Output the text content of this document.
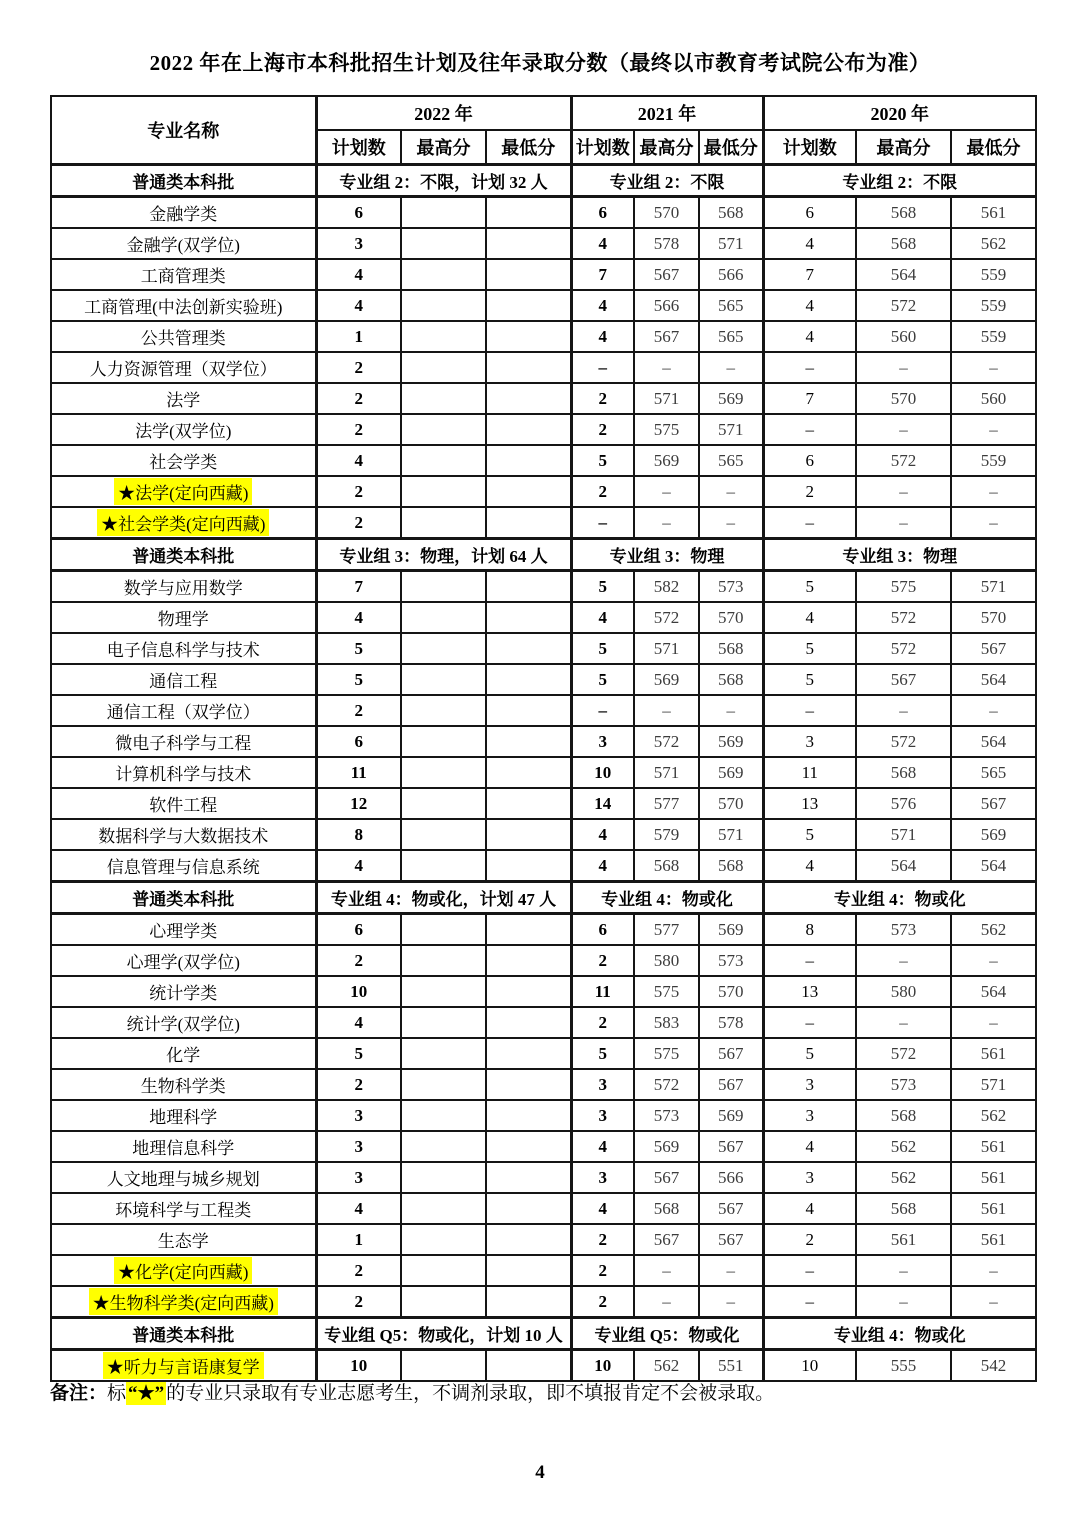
2022 年在上海市本科批招生计划及往年录取分数（最终以市教育考试院公布为准）
专业名称	2022 年			2021 年			2020 年		
	计划数	最高分	最低分	计划数	最高分	最低分	计划数	最高分	最低分
普通类本科批	专业组 2：不限，计划 32 人			专业组 2：不限			专业组 2：不限		
金融学类	6			6	570	568	6	568	561
金融学(双学位)	3			4	578	571	4	568	562
工商管理类	4			7	567	566	7	564	559
工商管理(中法创新实验班)	4			4	566	565	4	572	559
公共管理类	1			4	567	565	4	560	559
人力资源管理（双学位）	2			–	–	–	–	–	–
法学	2			2	571	569	7	570	560
法学(双学位)	2			2	575	571	–	–	–
社会学类	4			5	569	565	6	572	559
★法学(定向西藏)	2			2	–	–	2	–	–
★社会学类(定向西藏)	2			–	–	–	–	–	–
普通类本科批	专业组 3：物理，计划 64 人			专业组 3：物理			专业组 3：物理		
数学与应用数学	7			5	582	573	5	575	571
物理学	4			4	572	570	4	572	570
电子信息科学与技术	5			5	571	568	5	572	567
通信工程	5			5	569	568	5	567	564
通信工程（双学位）	2			–	–	–	–	–	–
微电子科学与工程	6			3	572	569	3	572	564
计算机科学与技术	11			10	571	569	11	568	565
软件工程	12			14	577	570	13	576	567
数据科学与大数据技术	8			4	579	571	5	571	569
信息管理与信息系统	4			4	568	568	4	564	564
普通类本科批	专业组 4：物或化，计划 47 人			专业组 4：物或化			专业组 4：物或化		
心理学类	6			6	577	569	8	573	562
心理学(双学位)	2			2	580	573	–	–	–
统计学类	10			11	575	570	13	580	564
统计学(双学位)	4			2	583	578	–	–	–
化学	5			5	575	567	5	572	561
生物科学类	2			3	572	567	3	573	571
地理科学	3			3	573	569	3	568	562
地理信息科学	3			4	569	567	4	562	561
人文地理与城乡规划	3			3	567	566	3	562	561
环境科学与工程类	4			4	568	567	4	568	561
生态学	1			2	567	567	2	561	561
★化学(定向西藏)	2			2	–	–	–	–	–
★生物科学类(定向西藏)	2			2	–	–	–	–	–
普通类本科批	专业组 Q5：物或化，计划 10 人			专业组 Q5：物或化			专业组 4：物或化		
★听力与言语康复学	10			10	562	551	10	555	542
备注：标 “★” 的专业只录取有专业志愿考生，不调剂录取，即不填报肯定不会被录取。
4
